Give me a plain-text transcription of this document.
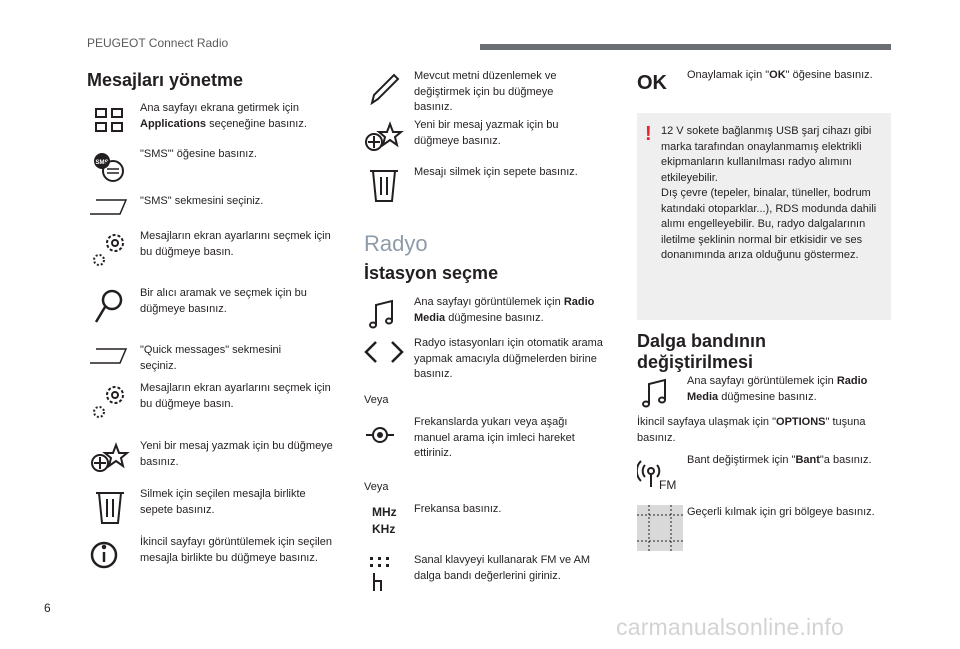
PEUGEOT Connect Radio
Mesajları yönetme
Ana sayfayı ekrana getirmek için Applications seçeneğine basınız.
SMS
"SMS"' öğesine basınız.
"SMS" sekmesini seçiniz.
Mesajların ekran ayarlarını seçmek için bu düğmeye basın.
Bir alıcı aramak ve seçmek için bu düğmeye basınız.
"Quick messages" sekmesini seçiniz.
Mesajların ekran ayarlarını seçmek için bu düğmeye basın.
Yeni bir mesaj yazmak için bu düğmeye basınız.
Silmek için seçilen mesajla birlikte sepete basınız.
İkincil sayfayı görüntülemek için seçilen mesajla birlikte bu düğmeye basınız.
Mevcut metni düzenlemek ve değiştirmek için bu düğmeye basınız.
Yeni bir mesaj yazmak için bu düğmeye basınız.
Mesajı silmek için sepete basınız.
Radyo
İstasyon seçme
Ana sayfayı görüntülemek için Radio Media düğmesine basınız.
Radyo istasyonları için otomatik arama yapmak amacıyla düğmelerden birine basınız.
Veya
Frekanslarda yukarı veya aşağı manuel arama için imleci hareket ettiriniz.
Veya
MHz
KHz
Frekansa basınız.
Sanal klavyeyi kullanarak FM ve AM dalga bandı değerlerini giriniz.
OK Onaylamak için "OK" öğesine basınız.
! 12 V sokete bağlanmış USB şarj cihazı gibi marka tarafından onaylanmamış elektrikli ekipmanların kullanılması radyo alımını etkileyebilir.
Dış çevre (tepeler, binalar, tüneller, bodrum katındaki otoparklar...), RDS modunda dahili alımı engelleyebilir. Bu, radyo dalgalarının iletilme şeklinin normal bir etkisidir ve ses donanımında arıza olduğunu göstermez.
Dalga bandının
değiştirilmesi
Ana sayfayı görüntülemek için Radio Media düğmesine basınız.
İkincil sayfaya ulaşmak için "OPTIONS" tuşuna basınız.
FM
Bant değiştirmek için "Bant"a basınız.
Geçerli kılmak için gri bölgeye basınız.
6
carmanualsonline.info
